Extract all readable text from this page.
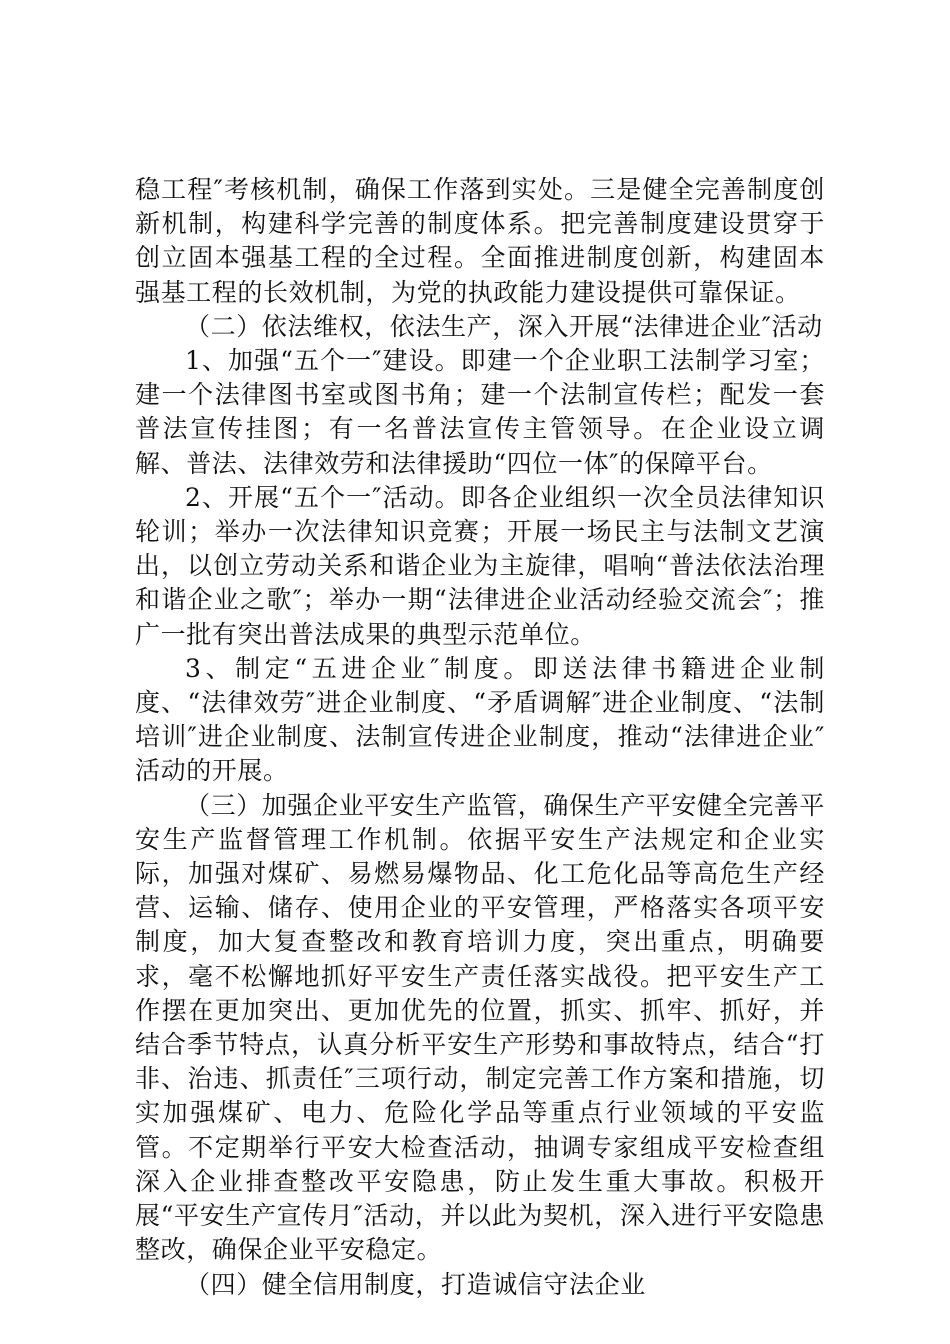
稳工程″考核机制，确保工作落到实处。三是健全完善制度创新机制，构建科学完善的制度体系。把完善制度建设贯穿于创立固本强基工程的全过程。全面推进制度创新，构建固本强基工程的长效机制，为党的执政能力建设提供可靠保证。

（二）依法维权，依法生产，深入开展“法律进企业″活动

1、加强“五个一″建设。即建一个企业职工法制学习室；建一个法律图书室或图书角；建一个法制宣传栏；配发一套普法宣传挂图；有一名普法宣传主管领导。在企业设立调解、普法、法律效劳和法律援助“四位一体″的保障平台。

2、开展“五个一″活动。即各企业组织一次全员法律知识轮训；举办一次法律知识竞赛；开展一场民主与法制文艺演出，以创立劳动关系和谐企业为主旋律，唱响“普法依法治理和谐企业之歌″；举办一期“法律进企业活动经验交流会″；推广一批有突出普法成果的典型示范单位。

3、制定“五进企业″制度。即送法律书籍进企业制度、“法律效劳″进企业制度、“矛盾调解″进企业制度、“法制培训″进企业制度、法制宣传进企业制度，推动“法律进企业″活动的开展。

（三）加强企业平安生产监管，确保生产平安健全完善平安生产监督管理工作机制。依据平安生产法规定和企业实际，加强对煤矿、易燃易爆物品、化工危化品等高危生产经营、运输、储存、使用企业的平安管理，严格落实各项平安制度，加大复查整改和教育培训力度，突出重点，明确要求，毫不松懈地抓好平安生产责任落实战役。把平安生产工作摆在更加突出、更加优先的位置，抓实、抓牢、抓好，并结合季节特点，认真分析平安生产形势和事故特点，结合“打非、治违、抓责任″三项行动，制定完善工作方案和措施，切实加强煤矿、电力、危险化学品等重点行业领域的平安监管。不定期举行平安大检查活动，抽调专家组成平安检查组深入企业排查整改平安隐患，防止发生重大事故。积极开展“平安生产宣传月″活动，并以此为契机，深入进行平安隐患整改，确保企业平安稳定。

（四）健全信用制度，打造诚信守法企业
